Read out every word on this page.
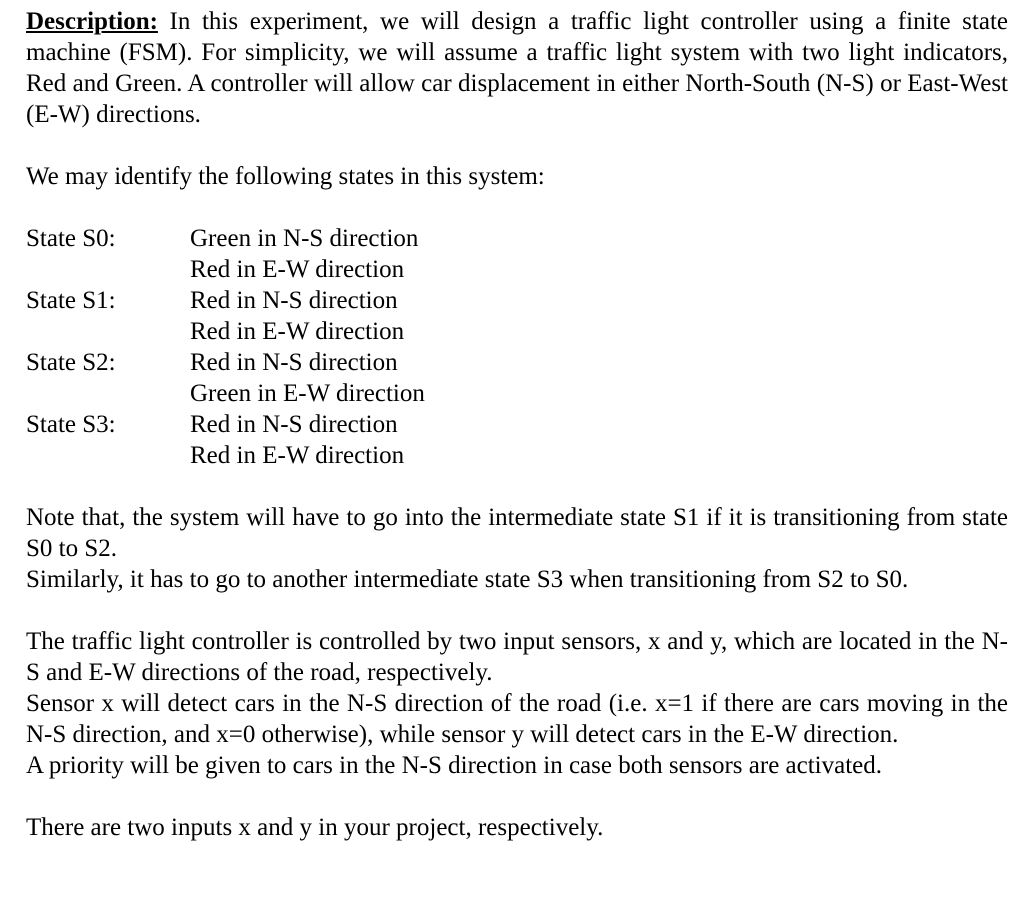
Description: In this experiment, we will design a traffic light controller using a finite state machine (FSM). For simplicity, we will assume a traffic light system with two light indicators, Red and Green. A controller will allow car displacement in either North-South (N-S) or East-West (E-W) directions.

We may identify the following states in this system:

State S0:	Green in N-S direction
Red in E-W direction
State S1:	Red in N-S direction
Red in E-W direction
State S2:	Red in N-S direction
Green in E-W direction
State S3:	Red in N-S direction
Red in E-W direction

Note that, the system will have to go into the intermediate state S1 if it is transitioning from state S0 to S2.

Similarly, it has to go to another intermediate state S3 when transitioning from S2 to S0.

The traffic light controller is controlled by two input sensors, x and y, which are located in the N-S and E-W directions of the road, respectively.

Sensor x will detect cars in the N-S direction of the road (i.e. x=1 if there are cars moving in the N-S direction, and x=0 otherwise), while sensor y will detect cars in the E-W direction.

A priority will be given to cars in the N-S direction in case both sensors are activated.

There are two inputs x and y in your project, respectively.
